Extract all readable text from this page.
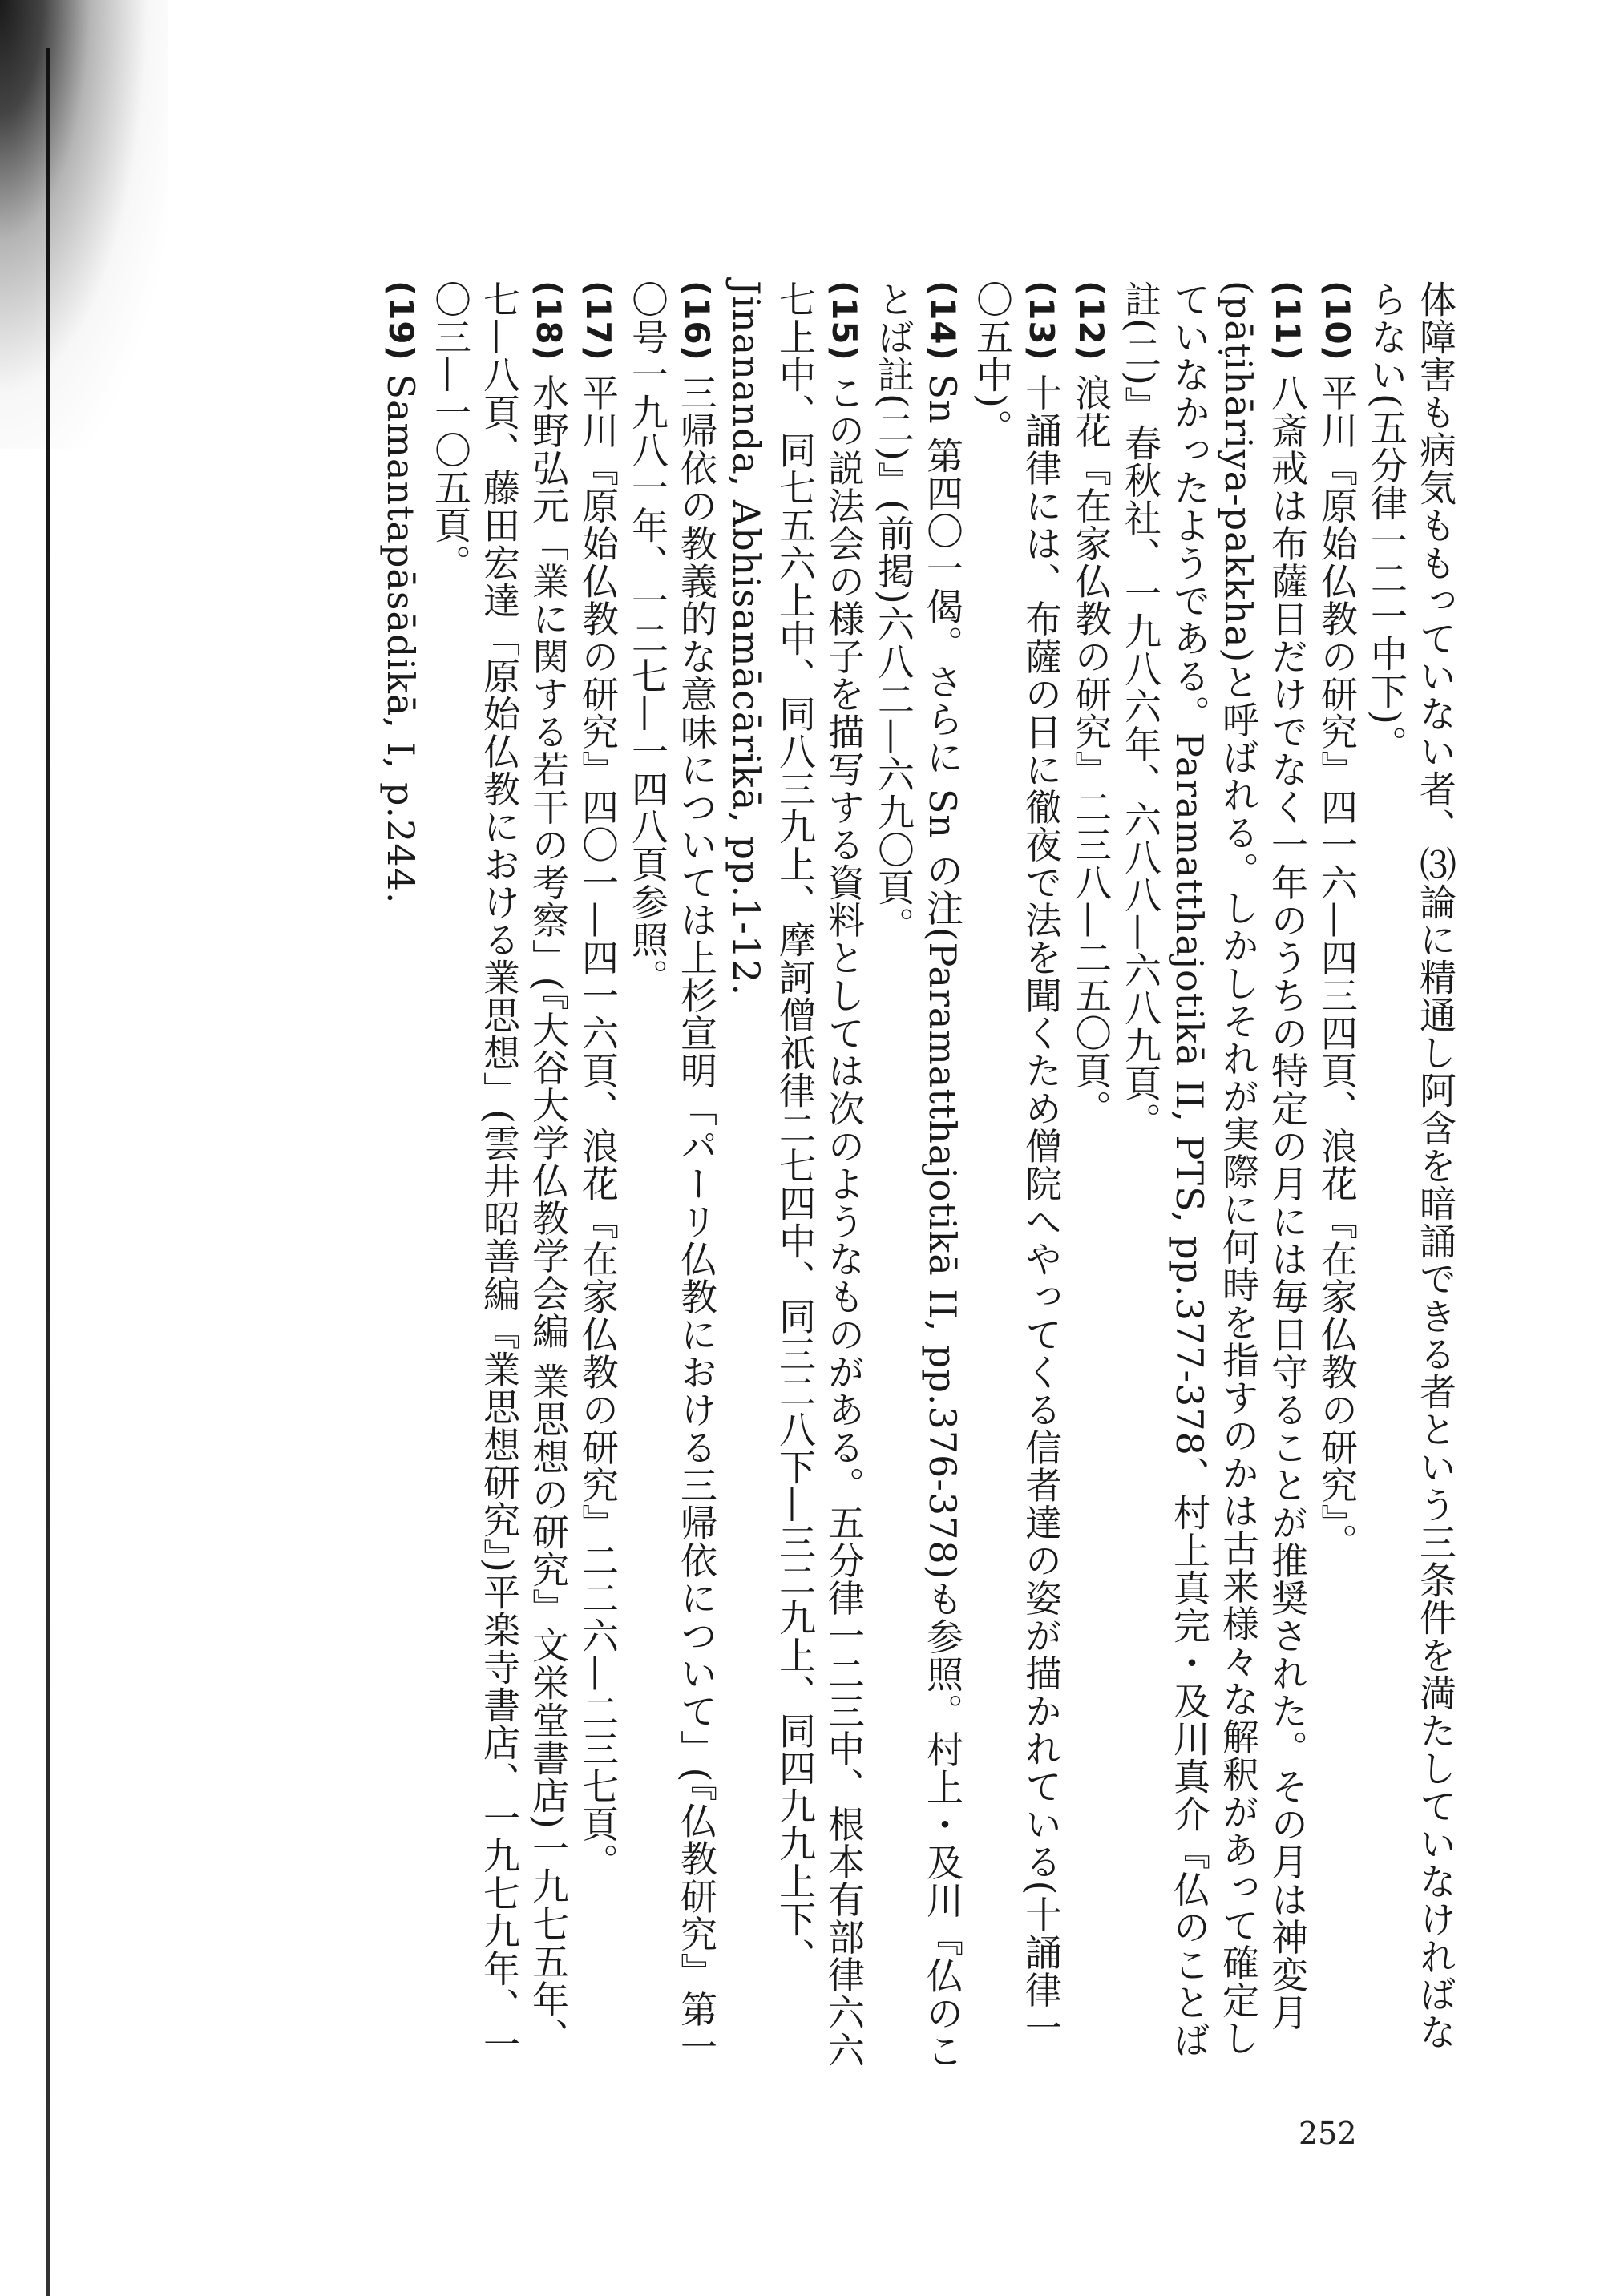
体障害も病気ももっていない者、⑶論に精通し阿含を暗誦できる者という三条件を満たしていなければならない(五分律一二一中下)。

(10) 平川『原始仏教の研究』四一六—四三四頁、浪花『在家仏教の研究』。

(11) 八斎戒は布薩日だけでなく一年のうちの特定の月には毎日守ることが推奨された。その月は神変月(pāṭihāriya-pakkha)と呼ばれる。しかしそれが実際に何時を指すのかは古来様々な解釈があって確定していなかったようである。Paramatthajotikā II, PTS, pp.377-378、村上真完・及川真介『仏のことば註(二)』春秋社、一九八六年、六八八—六八九頁。

(12) 浪花『在家仏教の研究』二三八—二五〇頁。

(13) 十誦律には、布薩の日に徹夜で法を聞くため僧院へやってくる信者達の姿が描かれている(十誦律一〇五中)。

(14) Sn 第四〇一偈。さらに Sn の注(Paramatthajotikā II, pp.376-378)も参照。村上・及川『仏のことば註(二)』(前掲)六八二—六九〇頁。

(15) この説法会の様子を描写する資料としては次のようなものがある。五分律一二三中、根本有部律六六七上中、同七五六上中、同八三九上、摩訶僧祇律二七四中、同三二八下—三二九上、同四九九上下、Jinananda, Abhisamācārikā, pp.1-12.

(16) 三帰依の教義的な意味については上杉宣明「パーリ仏教における三帰依について」(『仏教研究』第一〇号一九八一年、一二七—一四八頁参照。

(17) 平川『原始仏教の研究』四〇一—四一六頁、浪花『在家仏教の研究』二二六—二三七頁。

(18) 水野弘元「業に関する若干の考察」(『大谷大学仏教学会編 業思想の研究』文栄堂書店)一九七五年、七—八頁、藤田宏達「原始仏教における業思想」(雲井昭善編『業思想研究』)平楽寺書店、一九七九年、一〇三—一〇五頁。

(19) Samantapāsādikā, I, p.244.

252
